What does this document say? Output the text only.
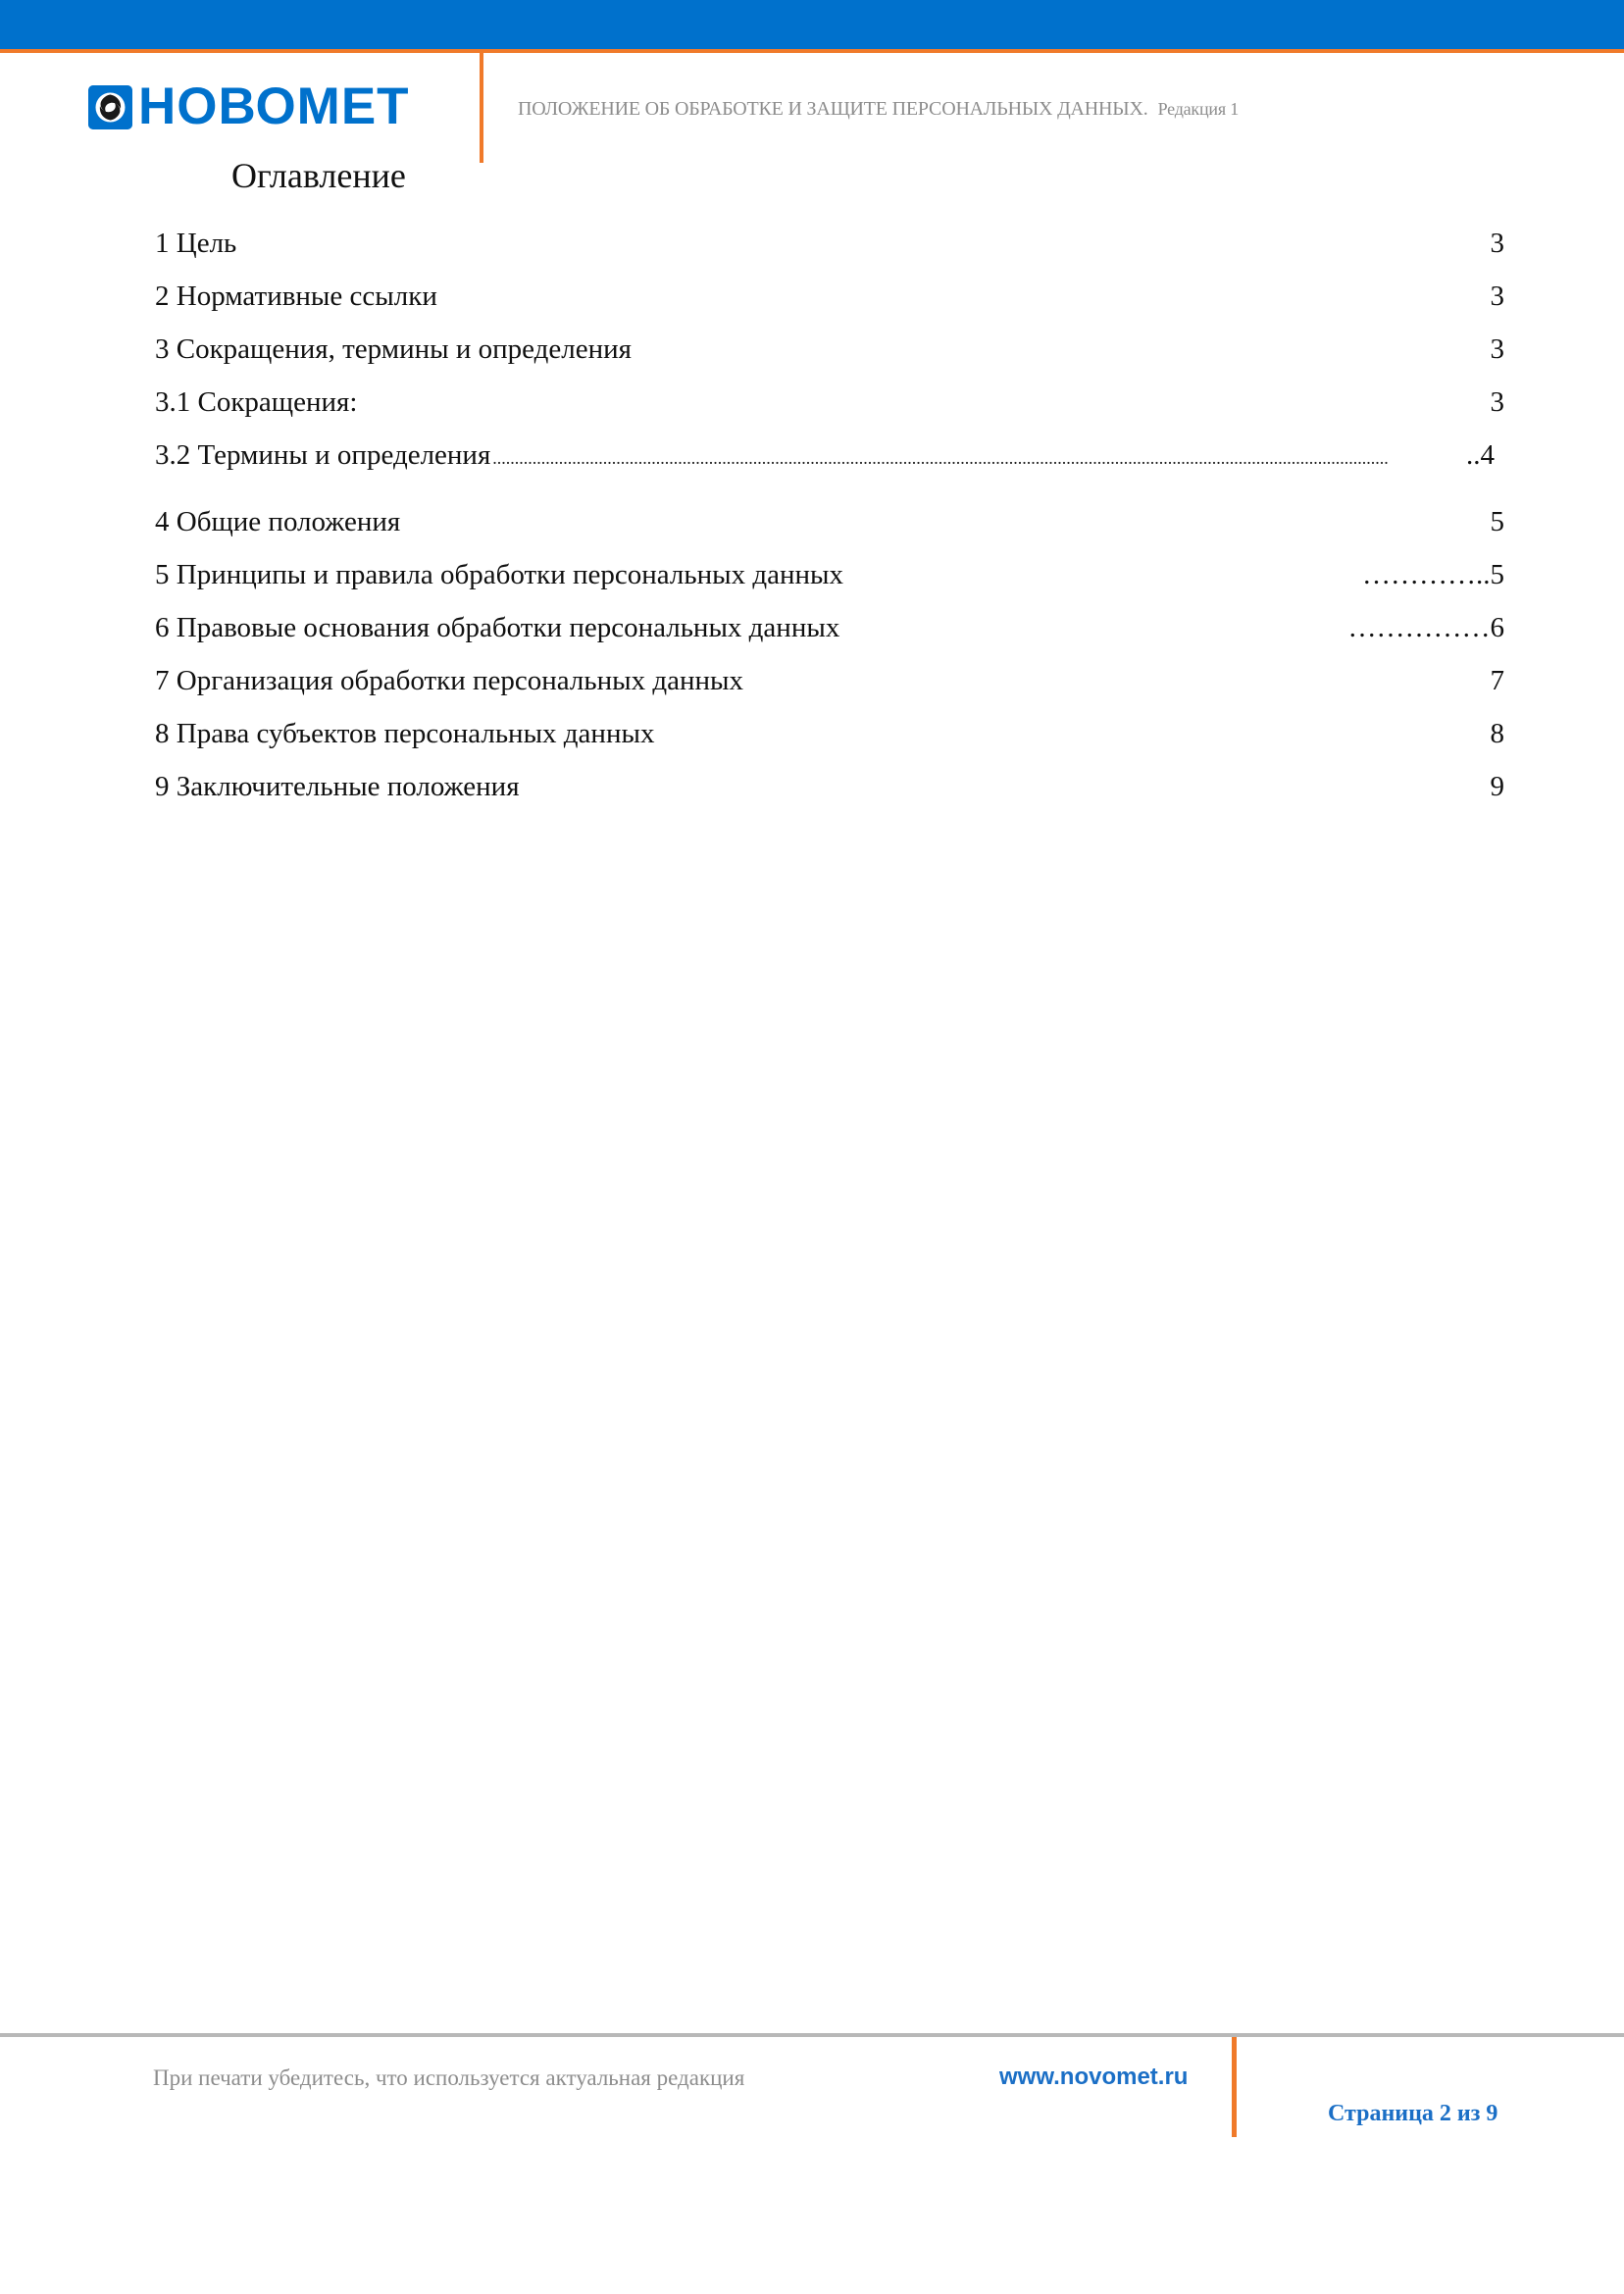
НОВОМЕТ	ПОЛОЖЕНИЕ ОБ ОБРАБОТКЕ И ЗАЩИТЕ ПЕРСОНАЛЬНЫХ ДАННЫХ. Редакция 1
Оглавление
1 Цель	3
2 Нормативные ссылки	3
3 Сокращения, термины и определения	3
3.1 Сокращения:	3
3.2 Термины и определения ...........................................................................................................................................................................................................	..4
4 Общие положения	5
5 Принципы и правила обработки персональных данных	…………..5
6 Правовые основания обработки персональных данных	……………6
7 Организация обработки персональных данных	7
8 Права субъектов персональных данных	8
9 Заключительные положения	9
При печати убедитесь, что используется актуальная редакция	www.novomet.ru
Страница 2 из 9
